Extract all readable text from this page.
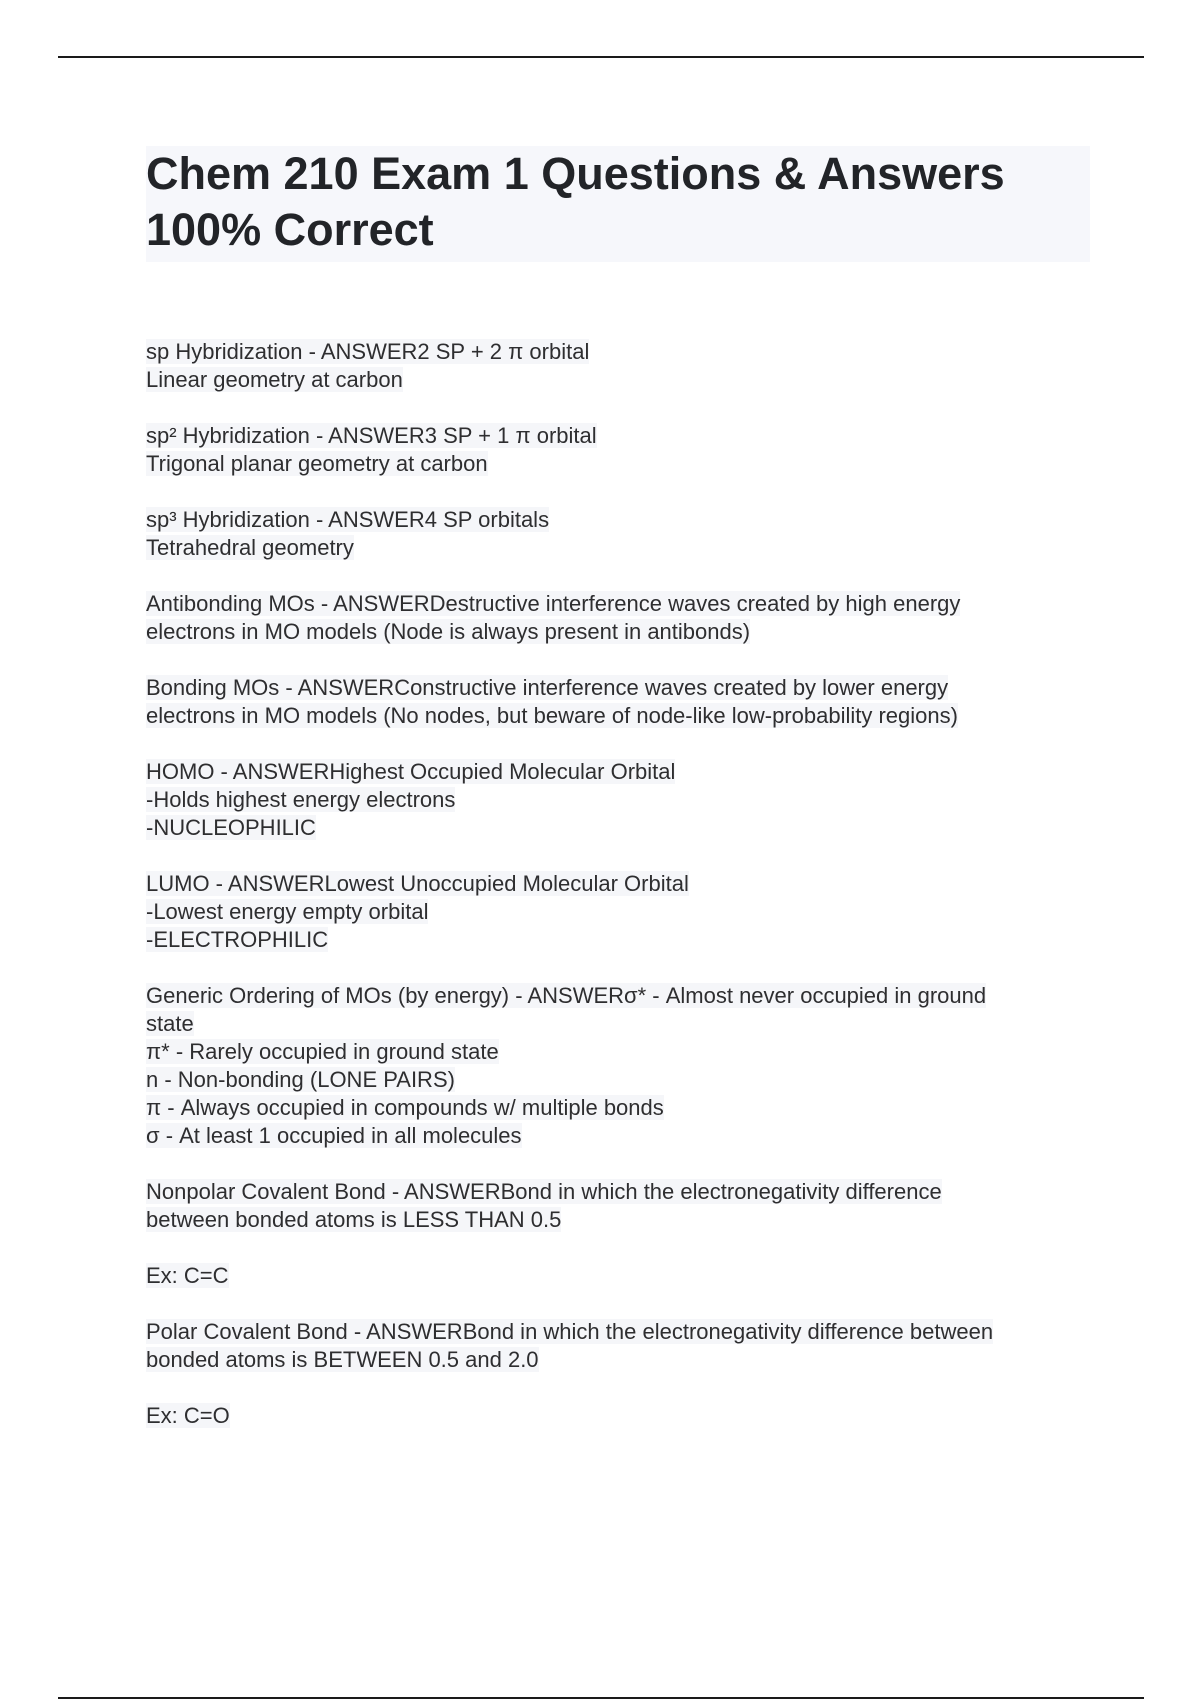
Chem 210 Exam 1 Questions & Answers

100% Correct

sp Hybridization - ANSWER2 SP + 2 π orbital
Linear geometry at carbon
sp² Hybridization - ANSWER3 SP + 1 π orbital
Trigonal planar geometry at carbon
sp³ Hybridization - ANSWER4 SP orbitals
Tetrahedral geometry
Antibonding MOs - ANSWERDestructive interference waves created by high energy
electrons in MO models (Node is always present in antibonds)
Bonding MOs - ANSWERConstructive interference waves created by lower energy
electrons in MO models (No nodes, but beware of node-like low-probability regions)
HOMO - ANSWERHighest Occupied Molecular Orbital
-Holds highest energy electrons
-NUCLEOPHILIC
LUMO - ANSWERLowest Unoccupied Molecular Orbital
-Lowest energy empty orbital
-ELECTROPHILIC
Generic Ordering of MOs (by energy) - ANSWERσ* - Almost never occupied in ground
state
π* - Rarely occupied in ground state
n - Non-bonding (LONE PAIRS)
π - Always occupied in compounds w/ multiple bonds
σ - At least 1 occupied in all molecules
Nonpolar Covalent Bond - ANSWERBond in which the electronegativity difference
between bonded atoms is LESS THAN 0.5
Ex: C=C
Polar Covalent Bond - ANSWERBond in which the electronegativity difference between
bonded atoms is BETWEEN 0.5 and 2.0
Ex: C=O
